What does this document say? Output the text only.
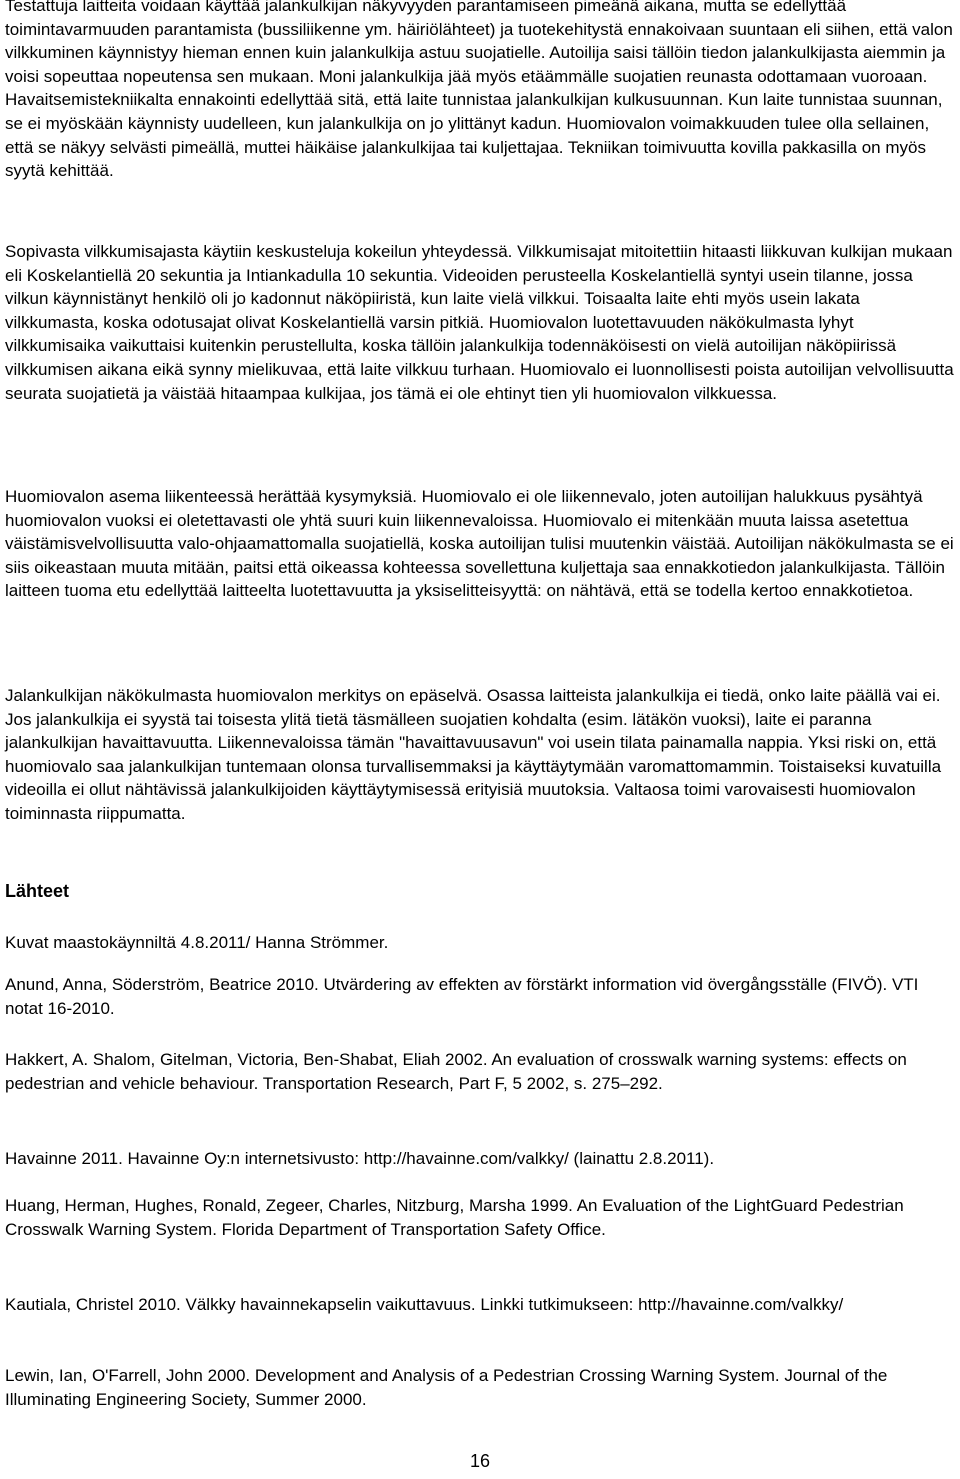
Testattuja laitteita voidaan käyttää jalankulkijan näkyvyyden parantamiseen pimeänä aikana, mutta se edellyttää toimintavarmuuden parantamista (bussiliikenne ym. häiriölähteet) ja tuotekehitystä ennakoivaan suuntaan eli siihen, että valon vilkkuminen käynnistyy hieman ennen kuin jalankulkija astuu suojatielle. Autoilija saisi tällöin tiedon jalankulkijasta aiemmin ja voisi sopeuttaa nopeutensa sen mukaan. Moni jalankulkija jää myös etäämmälle suojatien reunasta odottamaan vuoroaan. Havaitsemistekniikalta ennakointi edellyttää sitä, että laite tunnistaa jalankulkijan kulkusuunnan. Kun laite tunnistaa suunnan, se ei myöskään käynnisty uudelleen, kun jalankulkija on jo ylittänyt kadun. Huomiovalon voimakkuuden tulee olla sellainen, että se näkyy selvästi pimeällä, muttei häikäise jalankulkijaa tai kuljettajaa. Tekniikan toimivuutta kovilla pakkasilla on myös syytä kehittää.

Sopivasta vilkkumisajasta käytiin keskusteluja kokeilun yhteydessä. Vilkkumisajat mitoitettiin hitaasti liikkuvan kulkijan mukaan eli Koskelantiellä 20 sekuntia ja Intiankadulla 10 sekuntia. Videoiden perusteella Koskelantiellä syntyi usein tilanne, jossa vilkun käynnistänyt henkilö oli jo kadonnut näköpiiristä, kun laite vielä vilkkui. Toisaalta laite ehti myös usein lakata vilkkumasta, koska odotusajat olivat Koskelantiellä varsin pitkiä. Huomiovalon luotettavuuden näkökulmasta lyhyt vilkkumisaika vaikuttaisi kuitenkin perustellulta, koska tällöin jalankulkija todennäköisesti on vielä autoilijan näköpiirissä vilkkumisen aikana eikä synny mielikuvaa, että laite vilkkuu turhaan. Huomiovalo ei luonnollisesti poista autoilijan velvollisuutta seurata suojatietä ja väistää hitaampaa kulkijaa, jos tämä ei ole ehtinyt tien yli huomiovalon vilkkuessa.

Huomiovalon asema liikenteessä herättää kysymyksiä. Huomiovalo ei ole liikennevalo, joten autoilijan halukkuus pysähtyä huomiovalon vuoksi ei oletettavasti ole yhtä suuri kuin liikennevaloissa. Huomiovalo ei mitenkään muuta laissa asetettua väistämisvelvollisuutta valo-ohjaamattomalla suojatiellä, koska autoilijan tulisi muutenkin väistää. Autoilijan näkökulmasta se ei siis oikeastaan muuta mitään, paitsi että oikeassa kohteessa sovellettuna kuljettaja saa ennakkotiedon jalankulkijasta. Tällöin laitteen tuoma etu edellyttää laitteelta luotettavuutta ja yksiselitteisyyttä: on nähtävä, että se todella kertoo ennakkotietoa.

Jalankulkijan näkökulmasta huomiovalon merkitys on epäselvä. Osassa laitteista jalankulkija ei tiedä, onko laite päällä vai ei. Jos jalankulkija ei syystä tai toisesta ylitä tietä täsmälleen suojatien kohdalta (esim. lätäkön vuoksi), laite ei paranna jalankulkijan havaittavuutta. Liikennevaloissa tämän "havaittavuusavun" voi usein tilata painamalla nappia. Yksi riski on, että huomiovalo saa jalankulkijan tuntemaan olonsa turvallisemmaksi ja käyttäytymään varomattomammin. Toistaiseksi kuvatuilla videoilla ei ollut nähtävissä jalankulkijoiden käyttäytymisessä erityisiä muutoksia. Valtaosa toimi varovaisesti huomiovalon toiminnasta riippumatta.

Lähteet

Kuvat maastokäynniltä 4.8.2011/ Hanna Strömmer.

Anund, Anna, Söderström, Beatrice 2010. Utvärdering av effekten av förstärkt information vid övergångsställe (FIVÖ). VTI notat 16-2010.

Hakkert, A. Shalom, Gitelman, Victoria, Ben-Shabat, Eliah 2002. An evaluation of crosswalk warning systems: effects on pedestrian and vehicle behaviour. Transportation Research, Part F, 5 2002, s. 275–292.

Havainne 2011. Havainne Oy:n internetsivusto: http://havainne.com/valkky/ (lainattu 2.8.2011).

Huang, Herman, Hughes, Ronald, Zegeer, Charles, Nitzburg, Marsha 1999. An Evaluation of the LightGuard Pedestrian Crosswalk Warning System. Florida Department of Transportation Safety Office.

Kautiala, Christel 2010. Välkky havainnekapselin vaikuttavuus. Linkki tutkimukseen: http://havainne.com/valkky/

Lewin, Ian, O'Farrell, John 2000. Development and Analysis of a Pedestrian Crossing Warning System. Journal of the Illuminating Engineering Society, Summer 2000.

16
